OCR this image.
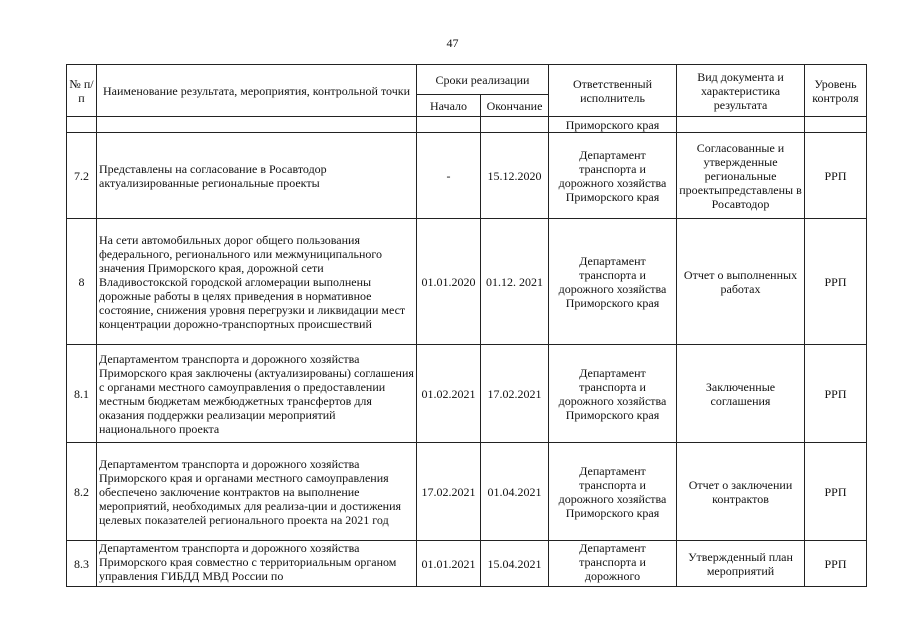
47
№ п/п	Наименование результата, мероприятия, контрольной точки	Сроки реализации		Ответственный исполнитель	Вид документа и характеристика результата	Уровень контроля
		Начало	Окончание			
				Приморского края		
7.2	Представлены на согласование в Росавтодор актуализированные региональные проекты	-	15.12.2020	Департамент транспорта и дорожного хозяйства Приморского края	Согласованные и утвержденные региональные проектыпредставлены в Росавтодор	РРП
8	На сети автомобильных дорог общего пользования федерального, регионального или межмуниципального значения Приморского края, дорожной сети Владивостокской городской агломерации выполнены дорожные работы в целях приведения в нормативное состояние, снижения уровня перегрузки и ликвидации мест концентрации дорожно-транспортных происшествий	01.01.2020	01.12. 2021	Департамент транспорта и дорожного хозяйства Приморского края	Отчет о выполненных работах	РРП
8.1	Департаментом транспорта и дорожного хозяйства Приморского края заключены (актуализированы) соглашения с органами местного самоуправления о предоставлении местным бюджетам межбюджетных трансфертов для оказания поддержки реализации мероприятий национального проекта	01.02.2021	17.02.2021	Департамент транспорта и дорожного хозяйства Приморского края	Заключенные соглашения	РРП
8.2	Департаментом транспорта и дорожного хозяйства Приморского края и органами местного самоуправления обеспечено заключение контрактов на выполнение мероприятий, необходимых для реализа-ции и достижения целевых показателей регионального проекта на 2021 год	17.02.2021	01.04.2021	Департамент транспорта и дорожного хозяйства Приморского края	Отчет о заключении контрактов	РРП
8.3	Департаментом транспорта и дорожного хозяйства Приморского края совместно с территориальным органом управления ГИБДД МВД России по	01.01.2021	15.04.2021	Департамент транспорта и дорожного	Утвержденный план мероприятий	РРП
